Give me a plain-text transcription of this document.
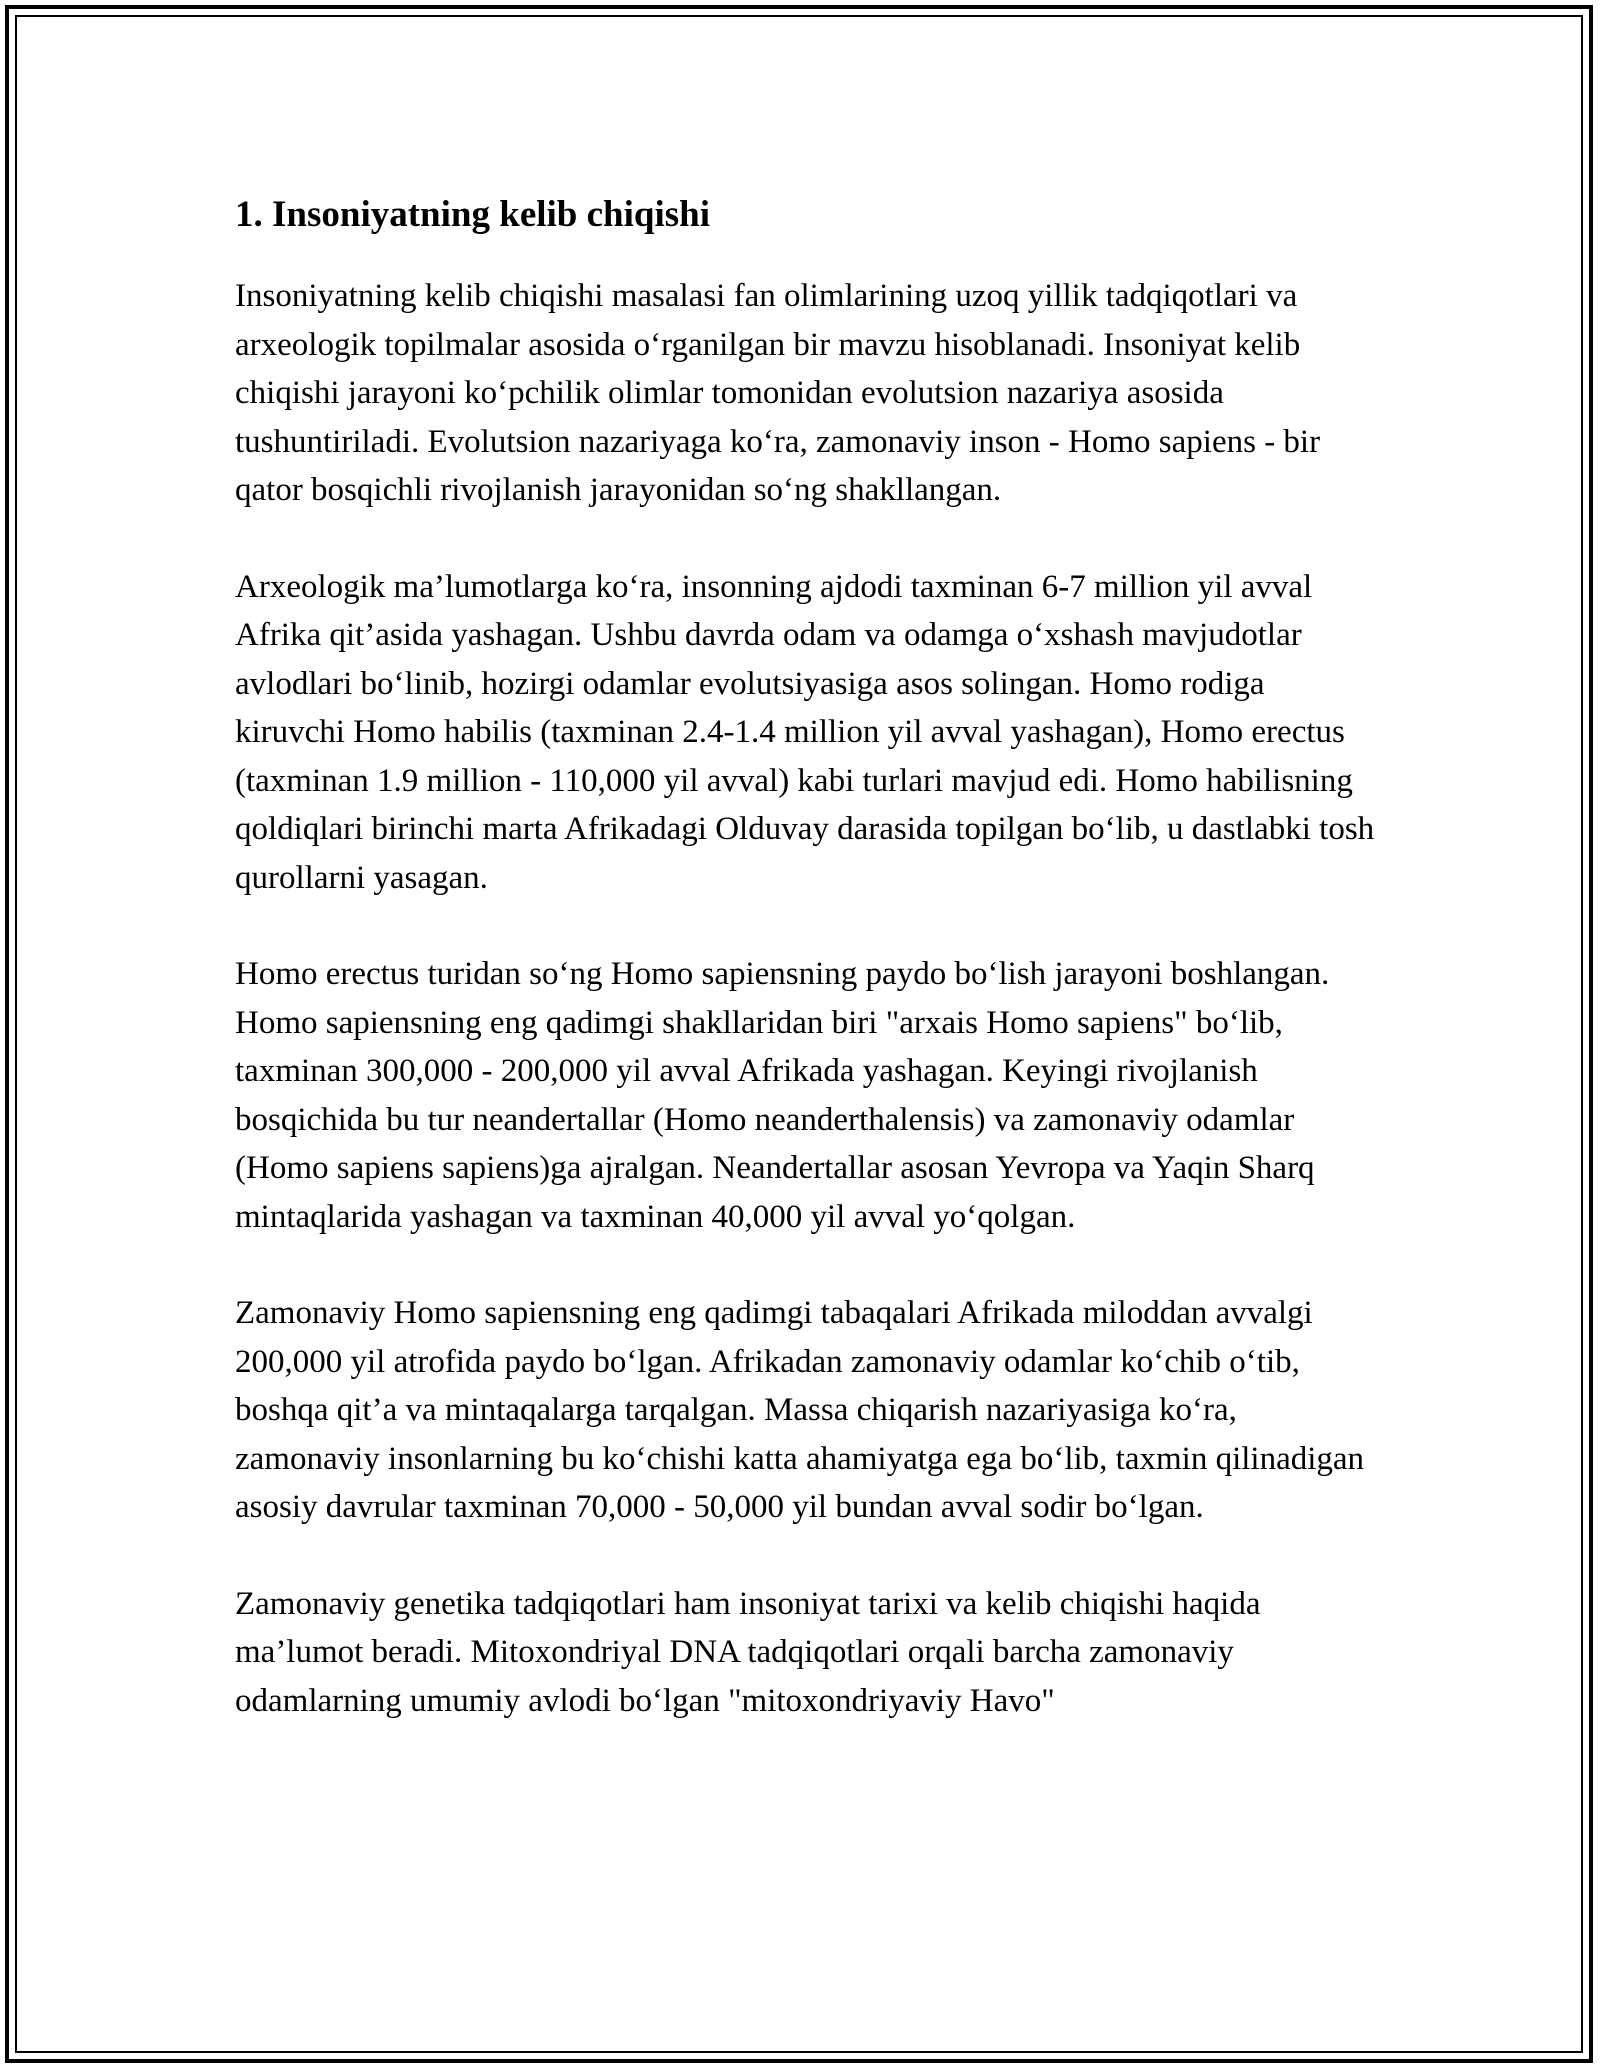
1. Insoniyatning kelib chiqishi

Insoniyatning kelib chiqishi masalasi fan olimlarining uzoq yillik tadqiqotlari va arxeologik topilmalar asosida o‘rganilgan bir mavzu hisoblanadi. Insoniyat kelib chiqishi jarayoni ko‘pchilik olimlar tomonidan evolutsion nazariya asosida tushuntiriladi. Evolutsion nazariyaga ko‘ra, zamonaviy inson - Homo sapiens - bir qator bosqichli rivojlanish jarayonidan so‘ng shakllangan.

Arxeologik ma’lumotlarga ko‘ra, insonning ajdodi taxminan 6-7 million yil avval Afrika qit’asida yashagan. Ushbu davrda odam va odamga o‘xshash mavjudotlar avlodlari bo‘linib, hozirgi odamlar evolutsiyasiga asos solingan. Homo rodiga kiruvchi Homo habilis (taxminan 2.4-1.4 million yil avval yashagan), Homo erectus (taxminan 1.9 million - 110,000 yil avval) kabi turlari mavjud edi. Homo habilisning qoldiqlari birinchi marta Afrikadagi Olduvay darasida topilgan bo‘lib, u dastlabki tosh qurollarni yasagan.

Homo erectus turidan so‘ng Homo sapiensning paydo bo‘lish jarayoni boshlangan. Homo sapiensning eng qadimgi shakllaridan biri "arxais Homo sapiens" bo‘lib, taxminan 300,000 - 200,000 yil avval Afrikada yashagan. Keyingi rivojlanish bosqichida bu tur neandertallar (Homo neanderthalensis) va zamonaviy odamlar (Homo sapiens sapiens)ga ajralgan. Neandertallar asosan Yevropa va Yaqin Sharq mintaqlarida yashagan va taxminan 40,000 yil avval yo‘qolgan.

Zamonaviy Homo sapiensning eng qadimgi tabaqalari Afrikada miloddan avvalgi 200,000 yil atrofida paydo bo‘lgan. Afrikadan zamonaviy odamlar ko‘chib o‘tib, boshqa qit’a va mintaqalarga tarqalgan. Massa chiqarish nazariyasiga ko‘ra, zamonaviy insonlarning bu ko‘chishi katta ahamiyatga ega bo‘lib, taxmin qilinadigan asosiy davrular taxminan 70,000 - 50,000 yil bundan avval sodir bo‘lgan.

Zamonaviy genetika tadqiqotlari ham insoniyat tarixi va kelib chiqishi haqida ma’lumot beradi. Mitoxondriyal DNA tadqiqotlari orqali barcha zamonaviy odamlarning umumiy avlodi bo‘lgan "mitoxondriyaviy Havo"
